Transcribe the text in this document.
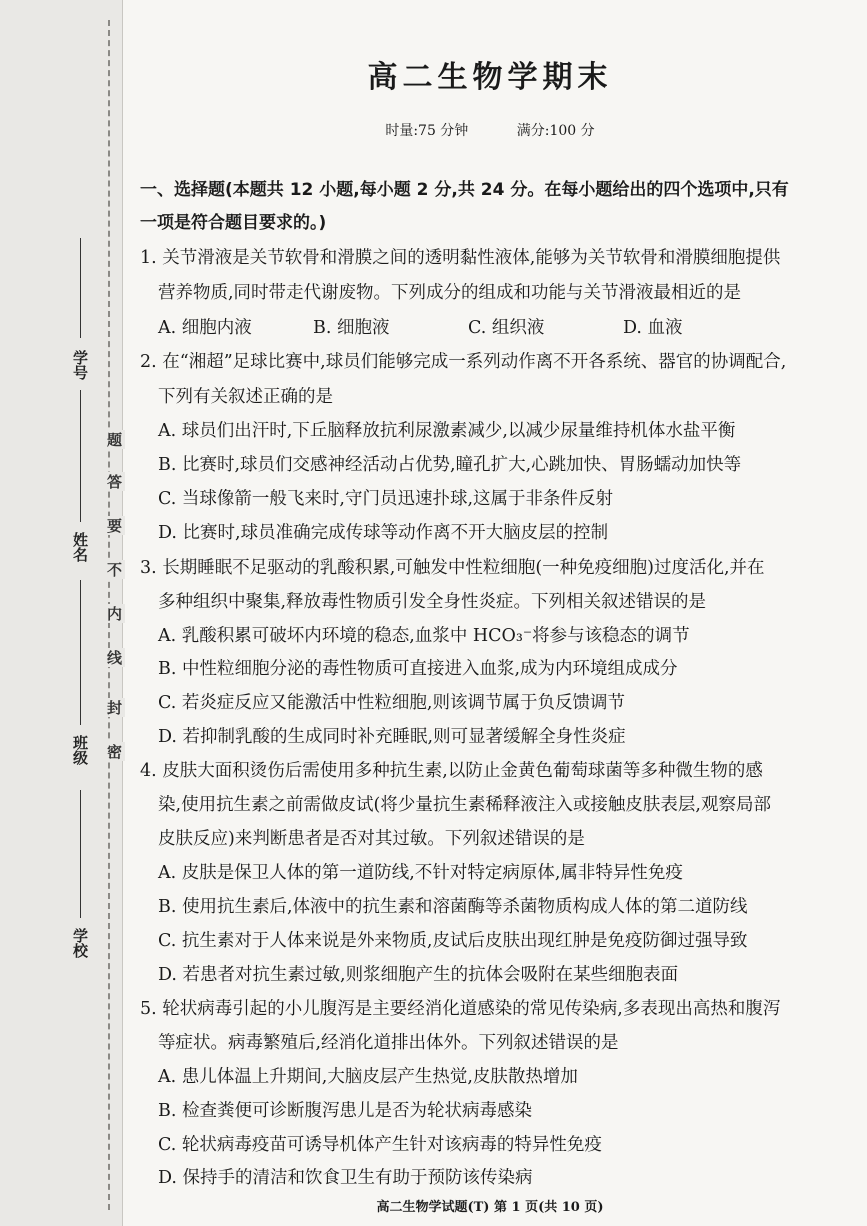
学校
班级
姓名
学号
题
答
要
不
内
线
封
密
高二生物学期末
时量:75 分钟	满分:100 分
一、选择题(本题共 12 小题,每小题 2 分,共 24 分。在每小题给出的四个选项中,只有
一项是符合题目要求的。)
1. 关节滑液是关节软骨和滑膜之间的透明黏性液体,能够为关节软骨和滑膜细胞提供
营养物质,同时带走代谢废物。下列成分的组成和功能与关节滑液最相近的是
A. 细胞内液	B. 细胞液	C. 组织液	D. 血液
2. 在“湘超”足球比赛中,球员们能够完成一系列动作离不开各系统、器官的协调配合,
下列有关叙述正确的是
A. 球员们出汗时,下丘脑释放抗利尿激素减少,以减少尿量维持机体水盐平衡
B. 比赛时,球员们交感神经活动占优势,瞳孔扩大,心跳加快、胃肠蠕动加快等
C. 当球像箭一般飞来时,守门员迅速扑球,这属于非条件反射
D. 比赛时,球员准确完成传球等动作离不开大脑皮层的控制
3. 长期睡眠不足驱动的乳酸积累,可触发中性粒细胞(一种免疫细胞)过度活化,并在
多种组织中聚集,释放毒性物质引发全身性炎症。下列相关叙述错误的是
A. 乳酸积累可破坏内环境的稳态,血浆中 HCO₃⁻将参与该稳态的调节
B. 中性粒细胞分泌的毒性物质可直接进入血浆,成为内环境组成成分
C. 若炎症反应又能激活中性粒细胞,则该调节属于负反馈调节
D. 若抑制乳酸的生成同时补充睡眠,则可显著缓解全身性炎症
4. 皮肤大面积烫伤后需使用多种抗生素,以防止金黄色葡萄球菌等多种微生物的感
染,使用抗生素之前需做皮试(将少量抗生素稀释液注入或接触皮肤表层,观察局部
皮肤反应)来判断患者是否对其过敏。下列叙述错误的是
A. 皮肤是保卫人体的第一道防线,不针对特定病原体,属非特异性免疫
B. 使用抗生素后,体液中的抗生素和溶菌酶等杀菌物质构成人体的第二道防线
C. 抗生素对于人体来说是外来物质,皮试后皮肤出现红肿是免疫防御过强导致
D. 若患者对抗生素过敏,则浆细胞产生的抗体会吸附在某些细胞表面
5. 轮状病毒引起的小儿腹泻是主要经消化道感染的常见传染病,多表现出高热和腹泻
等症状。病毒繁殖后,经消化道排出体外。下列叙述错误的是
A. 患儿体温上升期间,大脑皮层产生热觉,皮肤散热增加
B. 检查粪便可诊断腹泻患儿是否为轮状病毒感染
C. 轮状病毒疫苗可诱导机体产生针对该病毒的特异性免疫
D. 保持手的清洁和饮食卫生有助于预防该传染病
高二生物学试题(T) 第 1 页(共 10 页)
